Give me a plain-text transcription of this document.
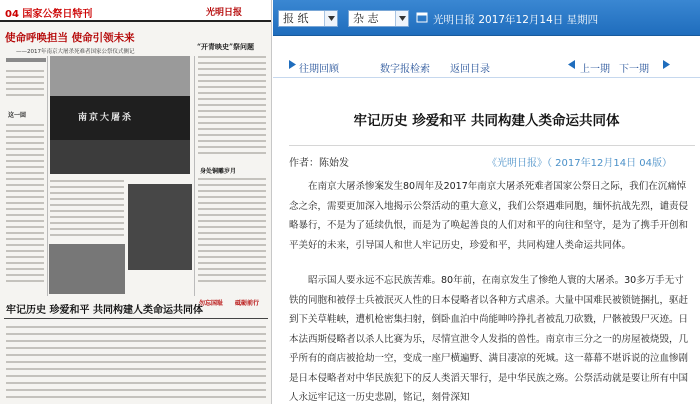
04 国家公祭日特刊	光明日报
使命呼唤担当 使命引领未来
——2017年南京大屠杀死难者国家公祭仪式侧记
“开青映史”祭问题
南京大屠杀
这一回
身处铜雕岁月
勿忘国耻 砥砺前行
牢记历史 珍爱和平 共同构建人类命运共同体
报 纸	杂 志	光明日报 2017年12月14日 星期四
往期回顾	数字报检索 返回目录	上一期 下一期
牢记历史 珍爱和平 共同构建人类命运共同体
作者：陈始发	《光明日报》（ 2017年12月14日 04版）

在南京大屠杀惨案发生80周年及2017年南京大屠杀死难者国家公祭日之际，我们在沉痛悼念之余，需要更加深入地揭示公祭活动的重大意义，我们公祭遇难同胞，缅怀抗战先烈，谴责侵略暴行，不是为了延续仇恨，而是为了唤起善良的人们对和平的向往和坚守，是为了携手开创和平美好的未来，引导国人和世人牢记历史，珍爱和平，共同构建人类命运共同体。

昭示国人要永远不忘民族苦难。80年前，在南京发生了惨绝人寰的大屠杀。30多万手无寸铁的同胞和被俘士兵被泯灭人性的日本侵略者以各种方式虐杀。大量中国难民被锁链捆扎，驱赶到下关草鞋峡，遭机枪密集扫射，倒卧血泊中尚能呻吟挣扎者被乱刀砍戮，尸骸被毁尸灭迹。日本法西斯侵略者以杀人比赛为乐，尽情宣泄令人发指的兽性。南京市三分之一的房屋被烧毁，几乎所有的商店被抢劫一空，变成一座尸横遍野、满目凄凉的死城。这一幕幕不堪诉说的泣血惨剧是日本侵略者对中华民族犯下的反人类滔天罪行，是中华民族之殇。公祭活动就是要让所有中国人永远牢记这一历史悲剧，铭记，刻骨深知
